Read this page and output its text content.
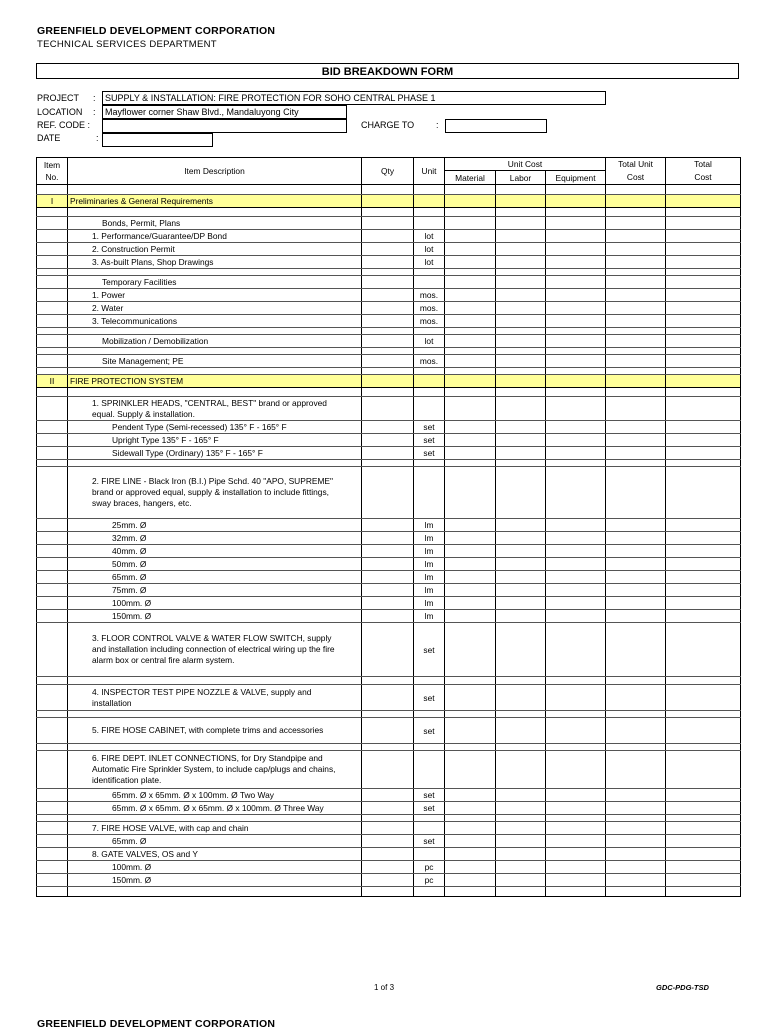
GREENFIELD DEVELOPMENT CORPORATION
TECHNICAL SERVICES DEPARTMENT
BID BREAKDOWN FORM
PROJECT :	SUPPLY & INSTALLATION: FIRE PROTECTION FOR SOHO CENTRAL PHASE 1
LOCATION :	Mayflower corner Shaw Blvd., Mandaluyong City
REF. CODE :
DATE	:
CHARGE TO :
Item
No.	Item Description	Qty	Unit	Unit Cost			Total Unit	Total
				Material	Labor	Equipment	Cost	Cost

I	Preliminaries & General Requirements							

	Bonds, Permit, Plans							
	1. Performance/Guarantee/DP Bond		lot					
	2. Construction Permit		lot					
	3. As-built Plans, Shop Drawings		lot					

	Temporary Facilities							
	1. Power		mos.					
	2. Water		mos.					
	3. Telecommunications		mos.					

	Mobilization / Demobilization		lot					

	Site Management; PE		mos.					

II	FIRE PROTECTION SYSTEM							

	1. SPRINKLER HEADS, "CENTRAL, BEST" brand or approved equal. Supply & installation.							
	Pendent Type (Semi-recessed) 135° F - 165° F		set					
	Upright Type 135° F - 165° F		set					
	Sidewall Type (Ordinary) 135° F - 165° F		set					

	2. FIRE LINE - Black Iron (B.I.) Pipe Schd. 40 "APO, SUPREME" brand or approved equal, supply & installation to include fittings, sway braces, hangers, etc.							
	25mm. Ø		lm					
	32mm. Ø		lm					
	40mm. Ø		lm					
	50mm. Ø		lm					
	65mm. Ø		lm					
	75mm. Ø		lm					
	100mm. Ø		lm					
	150mm. Ø		lm					
	3. FLOOR CONTROL VALVE & WATER FLOW SWITCH, supply and installation including connection of electrical wiring up the fire alarm box or central fire alarm system.		set					

	4. INSPECTOR TEST PIPE NOZZLE & VALVE, supply and installation		set					

	5. FIRE HOSE CABINET, with complete trims and accessories		set					

	6. FIRE DEPT. INLET CONNECTIONS, for Dry Standpipe and Automatic Fire Sprinkler System, to include cap/plugs and chains, identification plate.							
	65mm. Ø x 65mm. Ø x 100mm. Ø Two Way		set					
	65mm. Ø x 65mm. Ø x 65mm. Ø x 100mm. Ø Three Way		set					

	7. FIRE HOSE VALVE, with cap and chain							
	65mm. Ø		set					
	8. GATE VALVES, OS and Y							
	100mm. Ø		pc					
	150mm. Ø		pc					

1 of 3	GDC-PDG-TSD
GREENFIELD DEVELOPMENT CORPORATION
